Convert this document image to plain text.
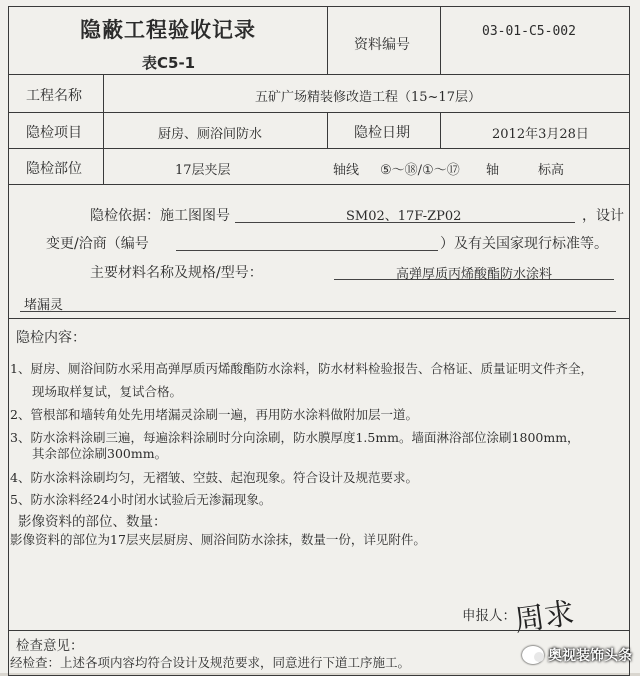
隐蔽工程验收记录
表C5-1
资料编号
03-01-C5-002
工程名称	五矿广场精装修改造工程（15~17层）
隐检项目	厨房、厕浴间防水	隐检日期	2012年3月28日
隐检部位	17层夹层	轴线 ⑤～⑱/①～⑰ 轴	标高
隐检依据：施工图图号	SM02、17F-ZP02	，设计
变更/洽商（编号	）及有关国家现行标准等。
主要材料名称及规格/型号：	高弹厚质丙烯酸酯防水涂料
堵漏灵
隐检内容：
1、厨房、厕浴间防水采用高弹厚质丙烯酸酯防水涂料，防水材料检验报告、合格证、质量证明文件齐全，
现场取样复试，复试合格。
2、管根部和墙转角处先用堵漏灵涂刷一遍，再用防水涂料做附加层一道。
3、防水涂料涂刷三遍，每遍涂料涂刷时分向涂刷，防水膜厚度1.5mm。墙面淋浴部位涂刷1800mm，
其余部位涂刷300mm。
4、防水涂料涂刷均匀，无褶皱、空鼓、起泡现象。符合设计及规范要求。
5、防水涂料经24小时闭水试验后无渗漏现象。
影像资料的部位、数量：
影像资料的部位为17层夹层厨房、厕浴间防水涂抹，数量一份，详见附件。
申报人：
周求
检查意见：
经检查：上述各项内容均符合设计及规范要求，同意进行下道工序施工。	奥视装饰头条
